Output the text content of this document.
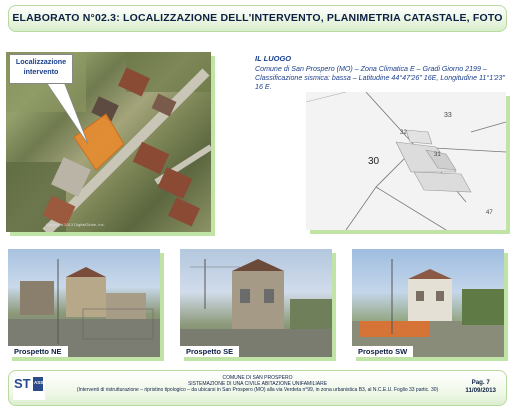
ELABORATO N°02.3: LOCALIZZAZIONE DELL'INTERVENTO, PLANIMETRIA CATASTALE, FOTO
Copyright 2013 DigitalGlobe, Inc.
Localizzazione intervento
IL LUOGO
Comune di San Prospero (MO) – Zona Climatica E – Gradi Giorno 2199 – Classificazione sismica: bassa – Latitudine 44°47'26" 16E, Longitudine 11°1'23" 16 E.
33
32
30
31
47
Prospetto NE	Prospetto SE	Prospetto SW
COMUNE DI SAN PROSPERO
SISTEMAZIONE DI UNA CIVILE ABITAZIONE UNIFAMILIARE
(Interventi di ristrutturazione – ripristino tipologico – da ubicarsi in San Prospero (MO) alla via Verdeta n°99, in zona urbanistica B3, al N.C.E.U. Foglio 33 partic. 30)
Pag. 7
11/09/2013
ST ASS
